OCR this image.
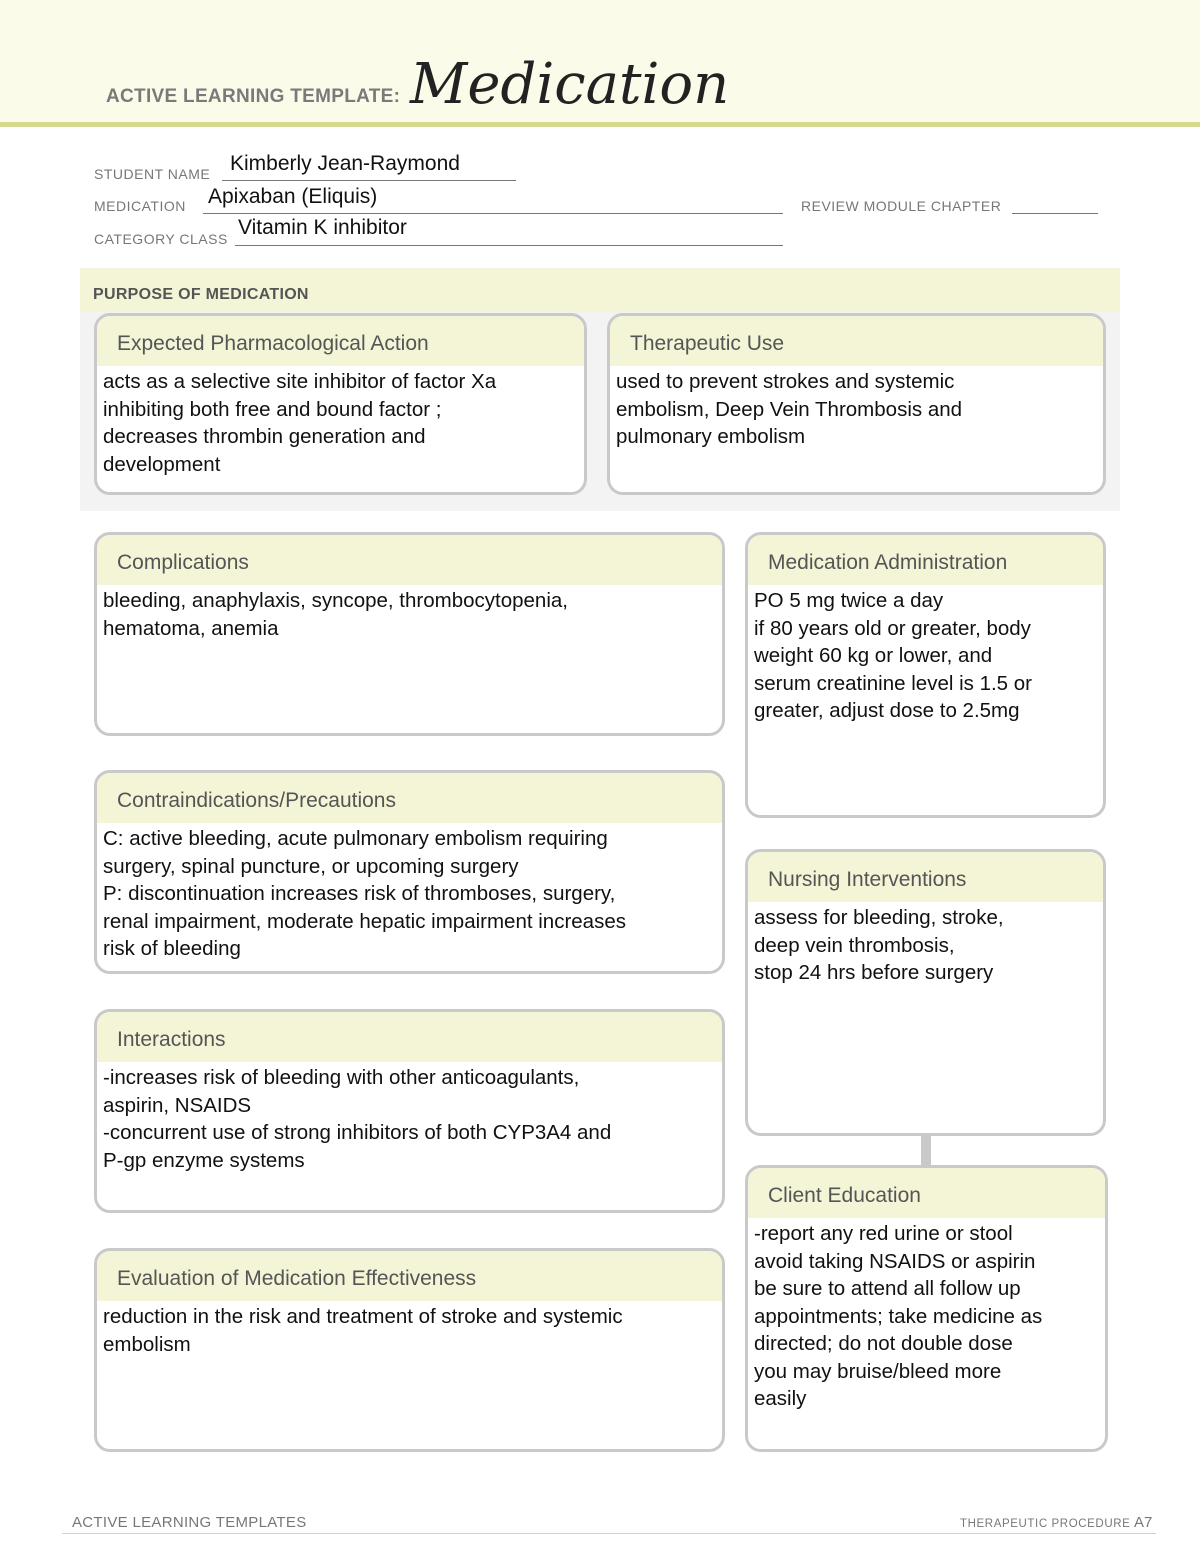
ACTIVE LEARNING TEMPLATE: Medication
STUDENT NAME Kimberly Jean-Raymond
MEDICATION Apixaban (Eliquis)	REVIEW MODULE CHAPTER
CATEGORY CLASS Vitamin K inhibitor
PURPOSE OF MEDICATION
Expected Pharmacological Action
acts as a selective site inhibitor of factor Xa
inhibiting both free and bound factor ;
decreases thrombin generation and
development
Therapeutic Use
used to prevent strokes and systemic
embolism, Deep Vein Thrombosis and
pulmonary embolism
Complications
bleeding, anaphylaxis, syncope, thrombocytopenia,
hematoma, anemia
Contraindications/Precautions
C: active bleeding, acute pulmonary embolism requiring
surgery, spinal puncture, or upcoming surgery
P: discontinuation increases risk of thromboses, surgery,
renal impairment, moderate hepatic impairment increases
risk of bleeding
Interactions
-increases risk of bleeding with other anticoagulants,
aspirin, NSAIDS
-concurrent use of strong inhibitors of both CYP3A4 and
P-gp enzyme systems
Evaluation of Medication Effectiveness
reduction in the risk and treatment of stroke and systemic
embolism
Medication Administration
PO 5 mg twice a day
if 80 years old or greater, body
weight 60 kg or lower, and
serum creatinine level is 1.5 or
greater, adjust dose to 2.5mg
Nursing Interventions
assess for bleeding, stroke,
deep vein thrombosis,
stop 24 hrs before surgery
Client Education
-report any red urine or stool
avoid taking NSAIDS or aspirin
be sure to attend all follow up
appointments; take medicine as
directed; do not double dose
you may bruise/bleed more
easily
ACTIVE LEARNING TEMPLATES	THERAPEUTIC PROCEDURE A7
